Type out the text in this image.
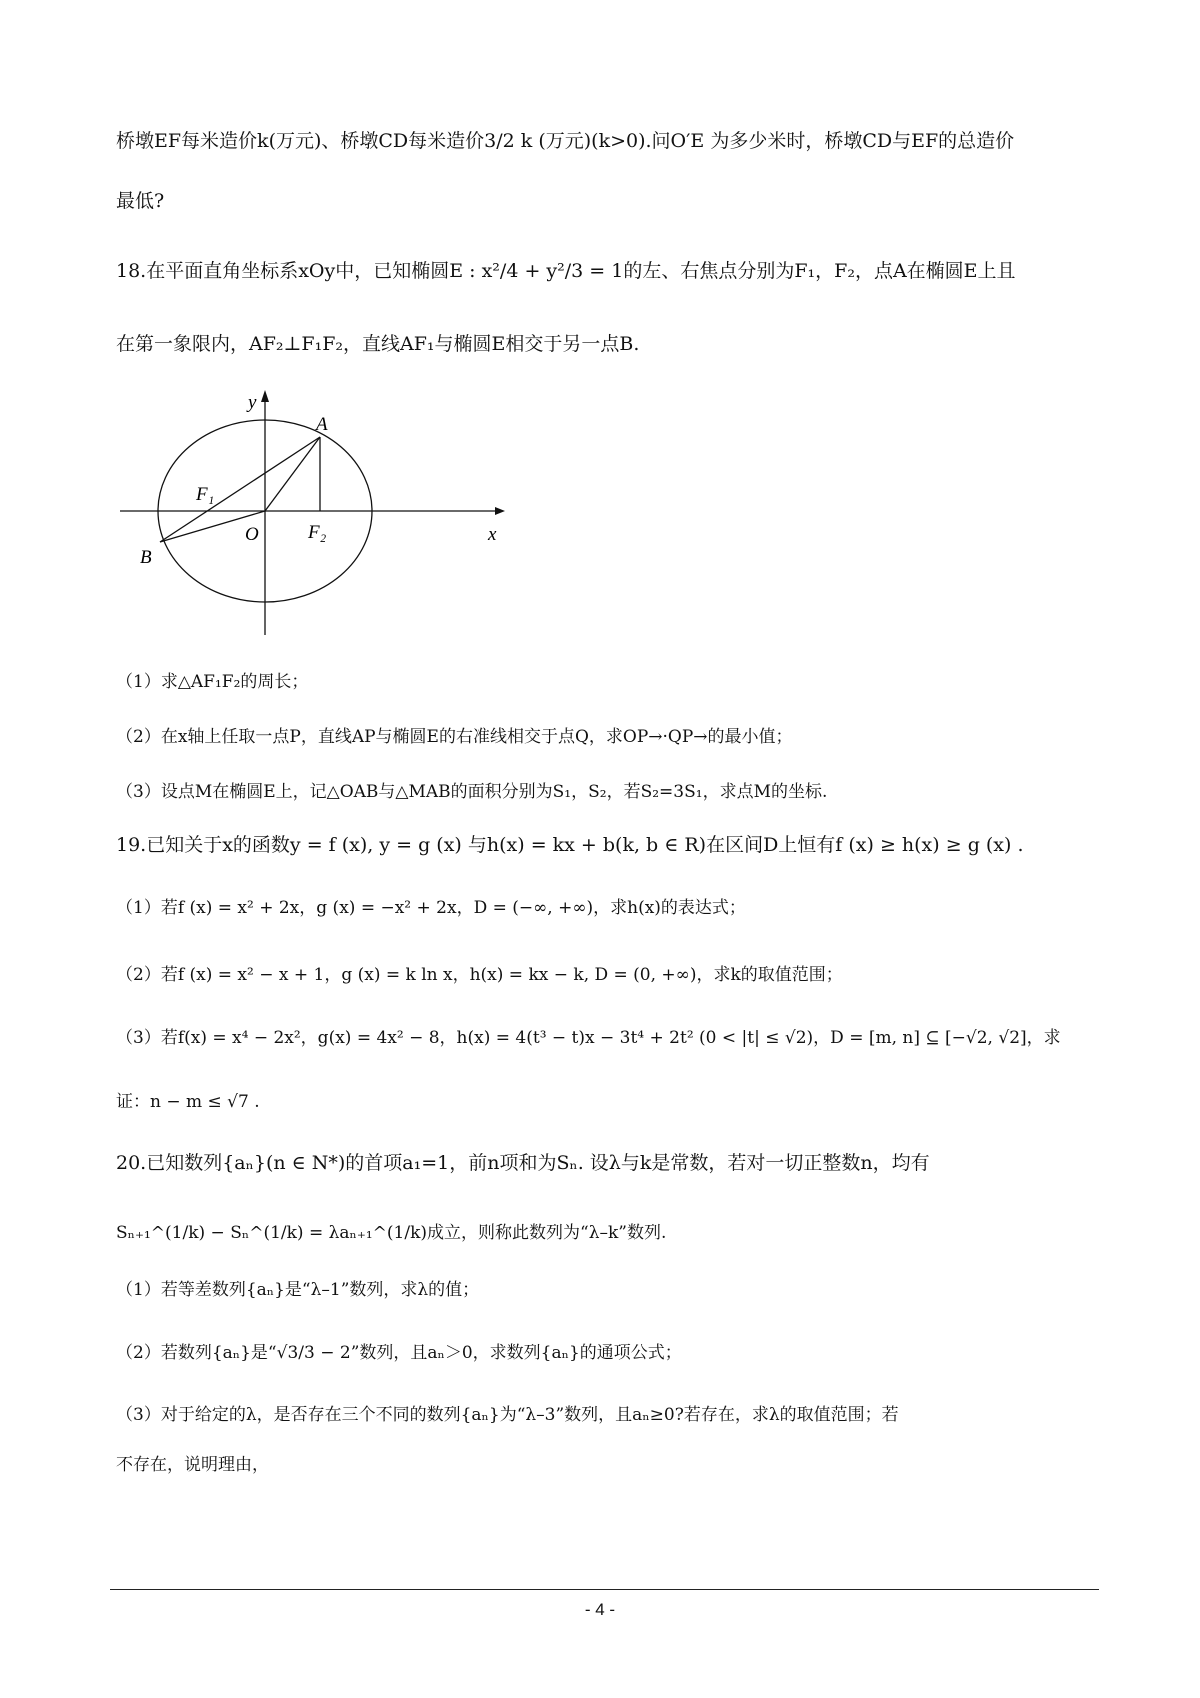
桥墩EF每米造价k(万元)、桥墩CD每米造价3/2 k (万元)(k>0).问O′E 为多少米时，桥墩CD与EF的总造价
最低?
18.在平面直角坐标系xOy中，已知椭圆E : x²/4 + y²/3 = 1的左、右焦点分别为F₁，F₂，点A在椭圆E上且
在第一象限内，AF₂⊥F₁F₂，直线AF₁与椭圆E相交于另一点B.
y
A
F₁
O	F₂	x
B
（1）求△AF₁F₂的周长；
（2）在x轴上任取一点P，直线AP与椭圆E的右准线相交于点Q，求OP→·QP→的最小值；
（3）设点M在椭圆E上，记△OAB与△MAB的面积分别为S₁，S₂，若S₂=3S₁，求点M的坐标.
19.已知关于x的函数y = f (x), y = g (x) 与h(x) = kx + b(k, b ∈ R)在区间D上恒有f (x) ≥ h(x) ≥ g (x) .
（1）若f (x) = x² + 2x，g (x) = −x² + 2x，D = (−∞, +∞)，求h(x)的表达式；
（2）若f (x) = x² − x + 1，g (x) = k ln x，h(x) = kx − k, D = (0, +∞)，求k的取值范围；
（3）若f(x) = x⁴ − 2x²，g(x) = 4x² − 8，h(x) = 4(t³ − t)x − 3t⁴ + 2t² (0 < |t| ≤ √2)，D = [m, n] ⊆ [−√2, √2]，求
证：n − m ≤ √7 .
20.已知数列{aₙ}(n ∈ N*)的首项a₁=1，前n项和为Sₙ. 设λ与k是常数，若对一切正整数n，均有
Sₙ₊₁^(1/k) − Sₙ^(1/k) = λaₙ₊₁^(1/k)成立，则称此数列为“λ–k”数列.
（1）若等差数列{aₙ}是“λ–1”数列，求λ的值；
（2）若数列{aₙ}是“√3/3 − 2”数列，且aₙ＞0，求数列{aₙ}的通项公式；
（3）对于给定的λ，是否存在三个不同的数列{aₙ}为“λ–3”数列，且aₙ≥0?若存在，求λ的取值范围；若
不存在，说明理由，
- 4 -
